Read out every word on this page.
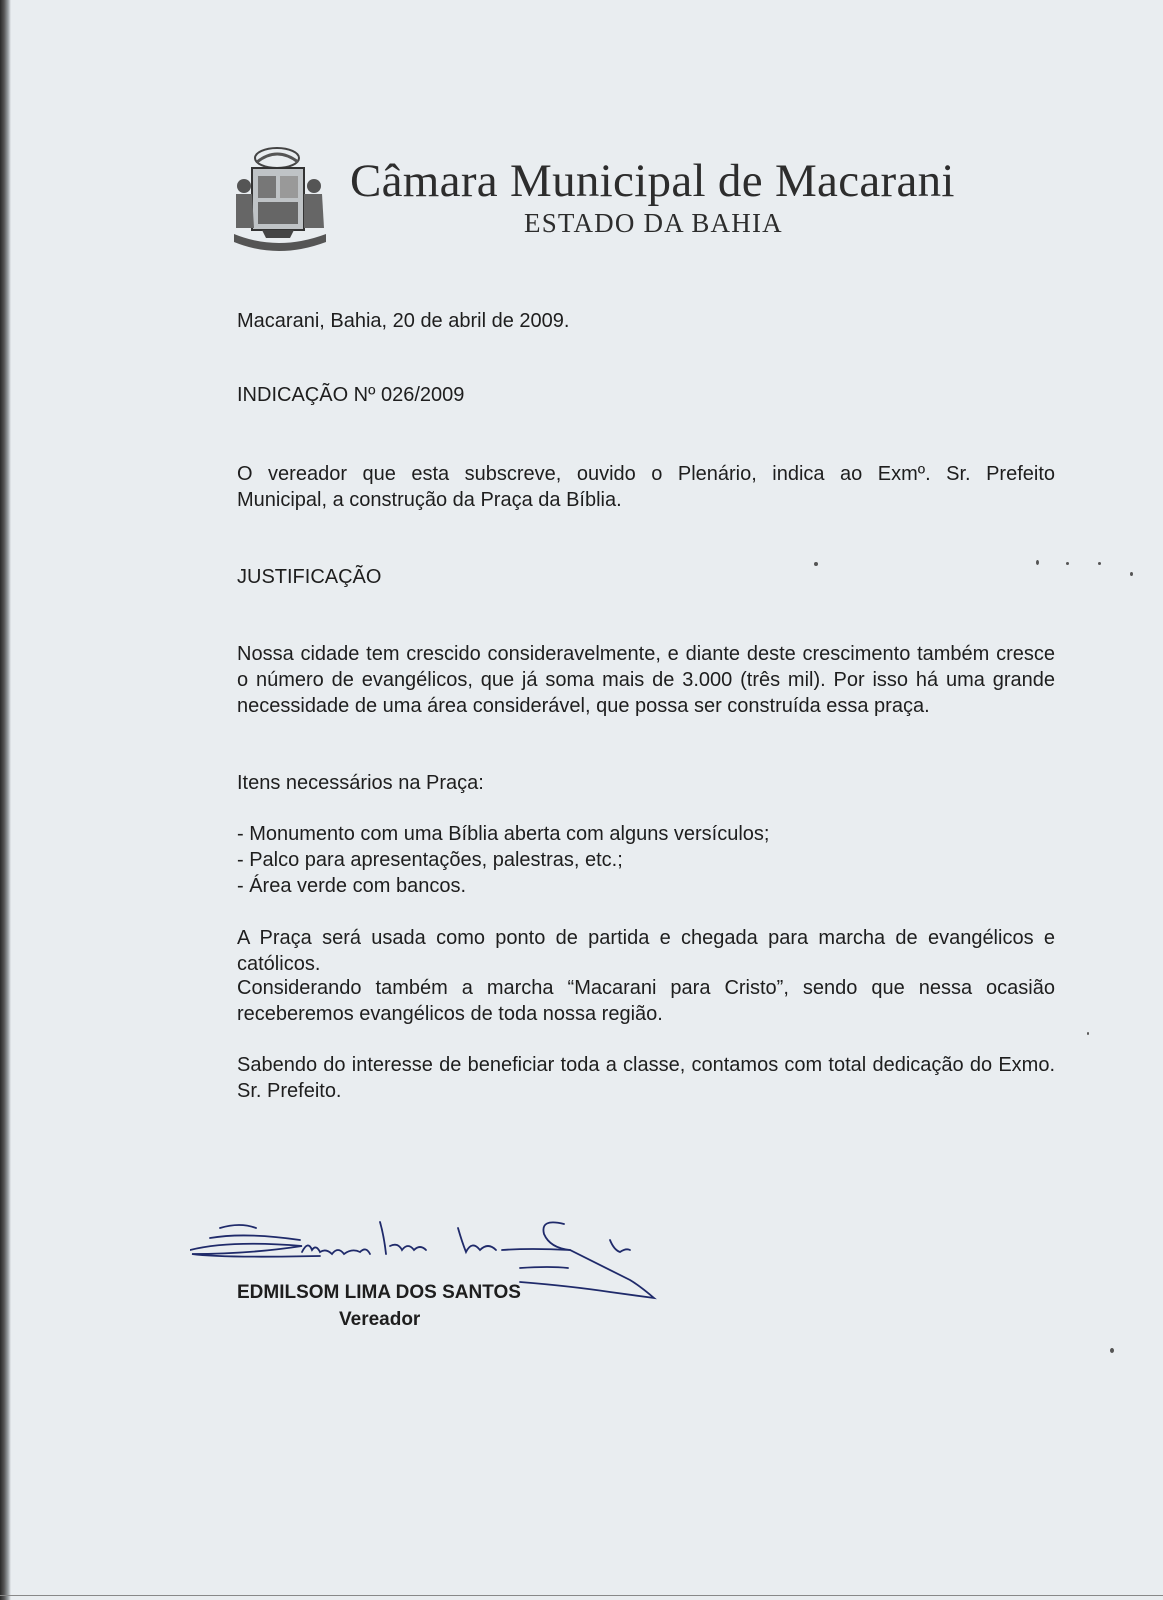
Câmara Municipal de Macarani
ESTADO DA BAHIA

Macarani, Bahia, 20 de abril de 2009.

INDICAÇÃO Nº 026/2009

O vereador que esta subscreve, ouvido o Plenário, indica ao Exmº. Sr. Prefeito

Municipal, a construção da Praça da Bíblia.

JUSTIFICAÇÃO

Nossa cidade tem crescido consideravelmente, e diante deste crescimento também cresce o número de evangélicos, que já soma mais de 3.000 (três mil). Por isso há uma grande necessidade de uma área considerável, que possa ser construída essa praça.

Itens necessários na Praça:

- Monumento com uma Bíblia aberta com alguns versículos;

- Palco para apresentações, palestras, etc.;

- Área verde com bancos.

A Praça será usada como ponto de partida e chegada para marcha de evangélicos e católicos.

Considerando também a marcha “Macarani para Cristo”, sendo que nessa ocasião receberemos evangélicos de toda nossa região.

Sabendo do interesse de beneficiar toda a classe, contamos com total dedicação do Exmo. Sr. Prefeito.

EDMILSOM LIMA DOS SANTOS
Vereador
